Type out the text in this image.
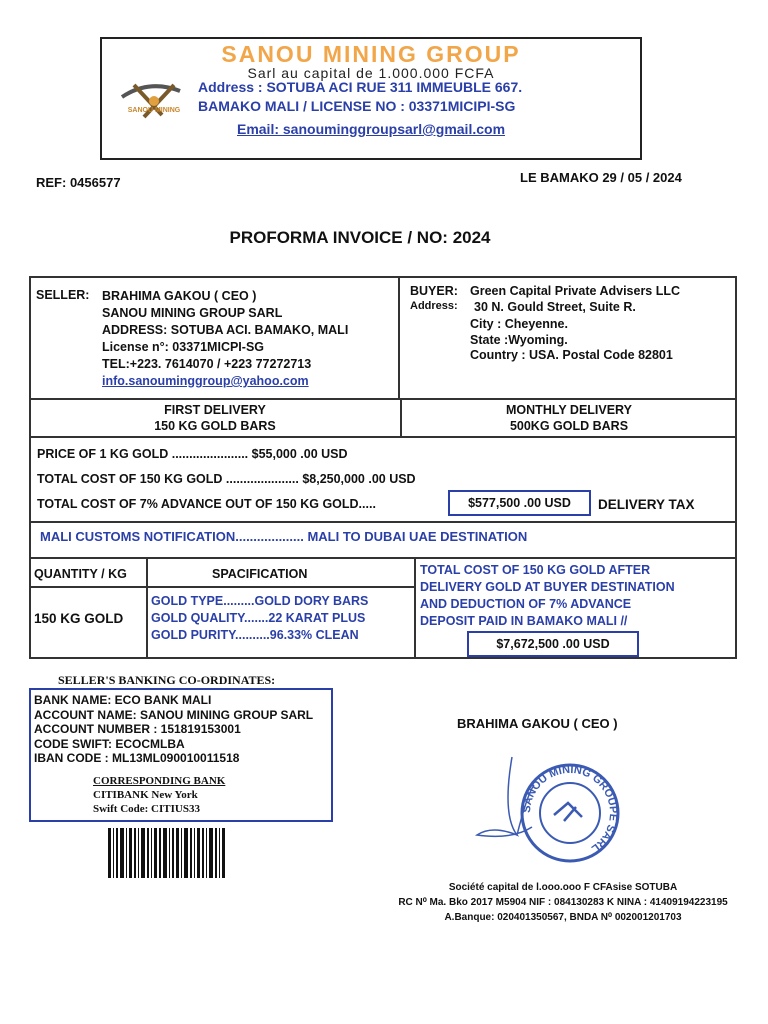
SANOU MINING GROUP
Sarl au capital de 1.000.000 FCFA
SANOU MINING
Address : SOTUBA ACI RUE 311 IMMEUBLE 667.
BAMAKO MALI / LICENSE NO : 03371MICIPI-SG
Email: sanouminggroupsarl@gmail.com
REF: 0456577	LE BAMAKO 29 / 05 / 2024
PROFORMA INVOICE / NO: 2024
SELLER: BRAHIMA GAKOU ( CEO )
SANOU MINING GROUP SARL
ADDRESS: SOTUBA ACI. BAMAKO, MALI
License n°: 03371MICPI-SG
TEL:+223. 7614070 / +223 77272713
info.sanouminggroup@yahoo.com
BUYER: Green Capital Private Advisers LLC
Address: 30 N. Gould Street, Suite R.
City : Cheyenne.
State :Wyoming.
Country : USA. Postal Code 82801
FIRST DELIVERY
150 KG GOLD BARS
MONTHLY DELIVERY
500KG GOLD BARS
PRICE OF 1 KG GOLD ...................... $55,000 .00 USD
TOTAL COST OF 150 KG GOLD ..................... $8,250,000 .00 USD
TOTAL COST OF 7% ADVANCE OUT OF 150 KG GOLD.....	$577,500 .00 USD	DELIVERY TAX
MALI CUSTOMS NOTIFICATION................... MALI TO DUBAI UAE DESTINATION
QUANTITY / KG	SPACIFICATION
150 KG GOLD
GOLD TYPE.........GOLD DORY BARS
GOLD QUALITY.......22 KARAT PLUS
GOLD PURITY..........96.33% CLEAN
TOTAL COST OF 150 KG GOLD AFTER
DELIVERY GOLD AT BUYER DESTINATION
AND DEDUCTION OF 7% ADVANCE
DEPOSIT PAID IN BAMAKO MALI //
$7,672,500 .00 USD
SELLER'S BANKING CO-ORDINATES:
BANK NAME: ECO BANK MALI
ACCOUNT NAME: SANOU MINING GROUP SARL
ACCOUNT NUMBER : 151819153001
CODE SWIFT: ECOCMLBA
IBAN CODE : ML13ML090010011518
CORRESPONDING BANK
CITIBANK New York
Swift Code: CITIUS33
BRAHIMA GAKOU ( CEO )
SANOU MINING GROUPE SARL
Société capital de l.ooo.ooo F CFAsise SOTUBA
RC N⁰ Ma. Bko 2017 M5904 NIF : 084130283 K NINA : 41409194223195
A.Banque: 020401350567, BNDA N⁰ 002001201703
